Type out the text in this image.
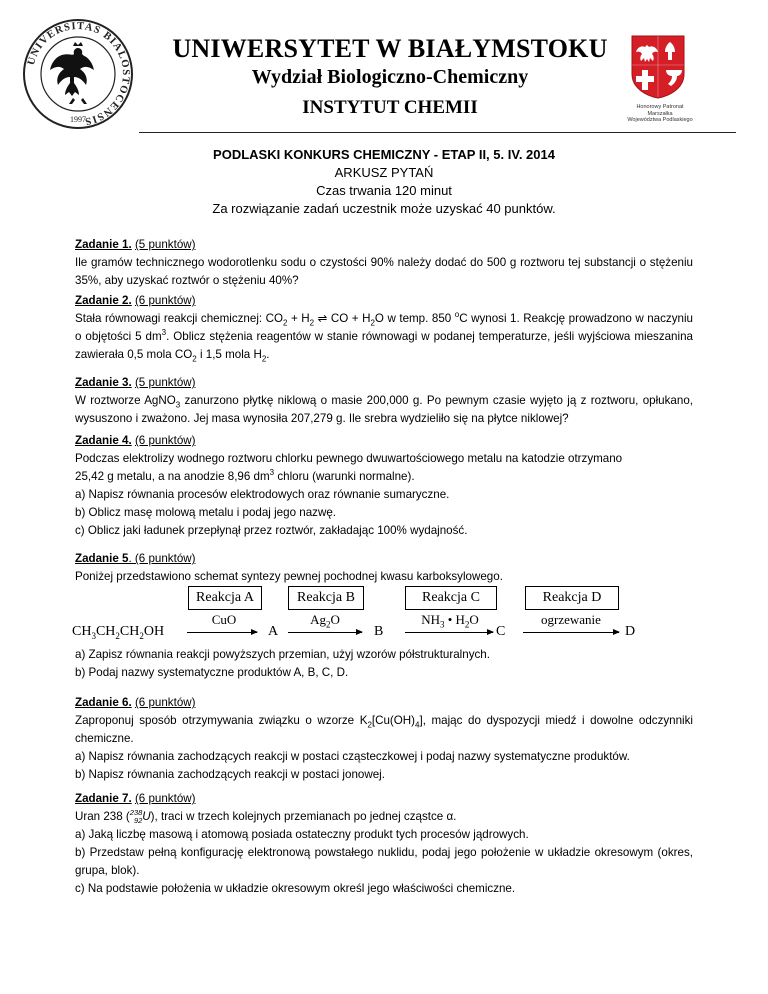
UNIVERSITAS BIALOSTOCENSIS
1997
UNIWERSYTET W BIAŁYMSTOKU
Wydział Biologiczno-Chemiczny
INSTYTUT CHEMII	Honorowy Patronat
Marszałka
Województwa Podlaskiego
PODLASKI KONKURS CHEMICZNY - ETAP II, 5. IV. 2014
ARKUSZ PYTAŃ
Czas trwania 120 minut
Za rozwiązanie zadań uczestnik może uzyskać 40 punktów.
Zadanie 1. (5 punktów)
Ile gramów technicznego wodorotlenku sodu o czystości 90% należy dodać do 500 g roztworu tej substancji o stężeniu 35%, aby uzyskać roztwór o stężeniu 40%?
Zadanie 2. (6 punktów)
Stała równowagi reakcji chemicznej: $CO_2 + H_2$ ⇌ CO + $H_2O$ w temp. 850 $^o$C wynosi 1. Reakcję prowadzono w naczyniu o objętości 5 $dm^3$. Oblicz stężenia reagentów w stanie równowagi w podanej temperaturze, jeśli wyjściowa mieszanina zawierała 0,5 mola $CO_2$ i 1,5 mola $H_2$.
Zadanie 3. (5 punktów)
W roztworze AgNO$_3$ zanurzono płytkę niklową o masie 200,000 g. Po pewnym czasie wyjęto ją z roztworu, opłukano, wysuszono i zważono. Jej masa wynosiła 207,279 g. Ile srebra wydzieliło się na płytce niklowej?
Zadanie 4. (6 punktów)
Podczas elektrolizy wodnego roztworu chlorku pewnego dwuwartościowego metalu na katodzie otrzymano
25,42 g metalu, a na anodzie 8,96 $dm^3$ chloru (warunki normalne).
a) Napisz równania procesów elektrodowych oraz równanie sumaryczne.
b) Oblicz masę molową metalu i podaj jego nazwę.
c) Oblicz jaki ładunek przepłynął przez roztwór, zakładając 100% wydajność.
Zadanie 5. (6 punktów)
Poniżej przedstawiono schemat syntezy pewnej pochodnej kwasu karboksylowego.
$CH_3CH_2CH_2OH$
Reakcja A
CuO
A
Reakcja B
$Ag_2O$
B
Reakcja C
$NH_3$ • $H_2O$
C
Reakcja D
ogrzewanie
D
a) Zapisz równania reakcji powyższych przemian, użyj wzorów półstrukturalnych.
b) Podaj nazwy systematyczne produktów A, B, C, D.
Zadanie 6. (6 punktów)
Zaproponuj sposób otrzymywania związku o wzorze $K_2[Cu(OH)_4]$, mając do dyspozycji miedź i dowolne odczynniki chemiczne.
a) Napisz równania zachodzących reakcji w postaci cząsteczkowej i podaj nazwy systematyczne produktów.
b) Napisz równania zachodzących reakcji w postaci jonowej.
Zadanie 7. (6 punktów)
Uran 238 ( 238
92 U), traci w trzech kolejnych przemianach po jednej cząstce α.
a) Jaką liczbę masową i atomową posiada ostateczny produkt tych procesów jądrowych.
b) Przedstaw pełną konfigurację elektronową powstałego nuklidu, podaj jego położenie w układzie okresowym (okres, grupa, blok).
c) Na podstawie położenia w układzie okresowym określ jego właściwości chemiczne.
